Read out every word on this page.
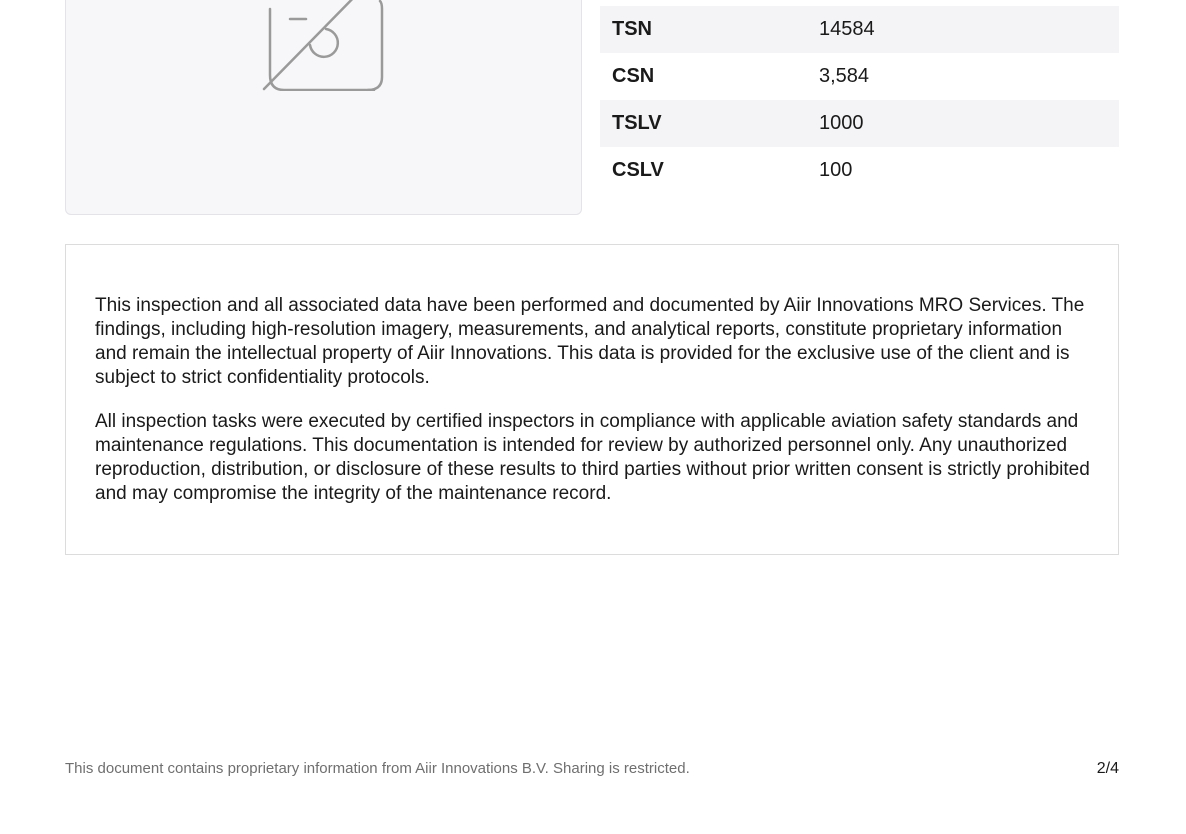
TSN	14584
CSN	3,584
TSLV	1000
CSLV	100

This inspection and all associated data have been performed and documented by Aiir Innovations MRO Services. The findings, including high-resolution imagery, measurements, and analytical reports, constitute proprietary information and remain the intellectual property of Aiir Innovations. This data is provided for the exclusive use of the client and is subject to strict confidentiality protocols.

All inspection tasks were executed by certified inspectors in compliance with applicable aviation safety standards and maintenance regulations. This documentation is intended for review by authorized personnel only. Any unauthorized reproduction, distribution, or disclosure of these results to third parties without prior written consent is strictly prohibited and may compromise the integrity of the maintenance record.

This document contains proprietary information from Aiir Innovations B.V. Sharing is restricted.	2/4
